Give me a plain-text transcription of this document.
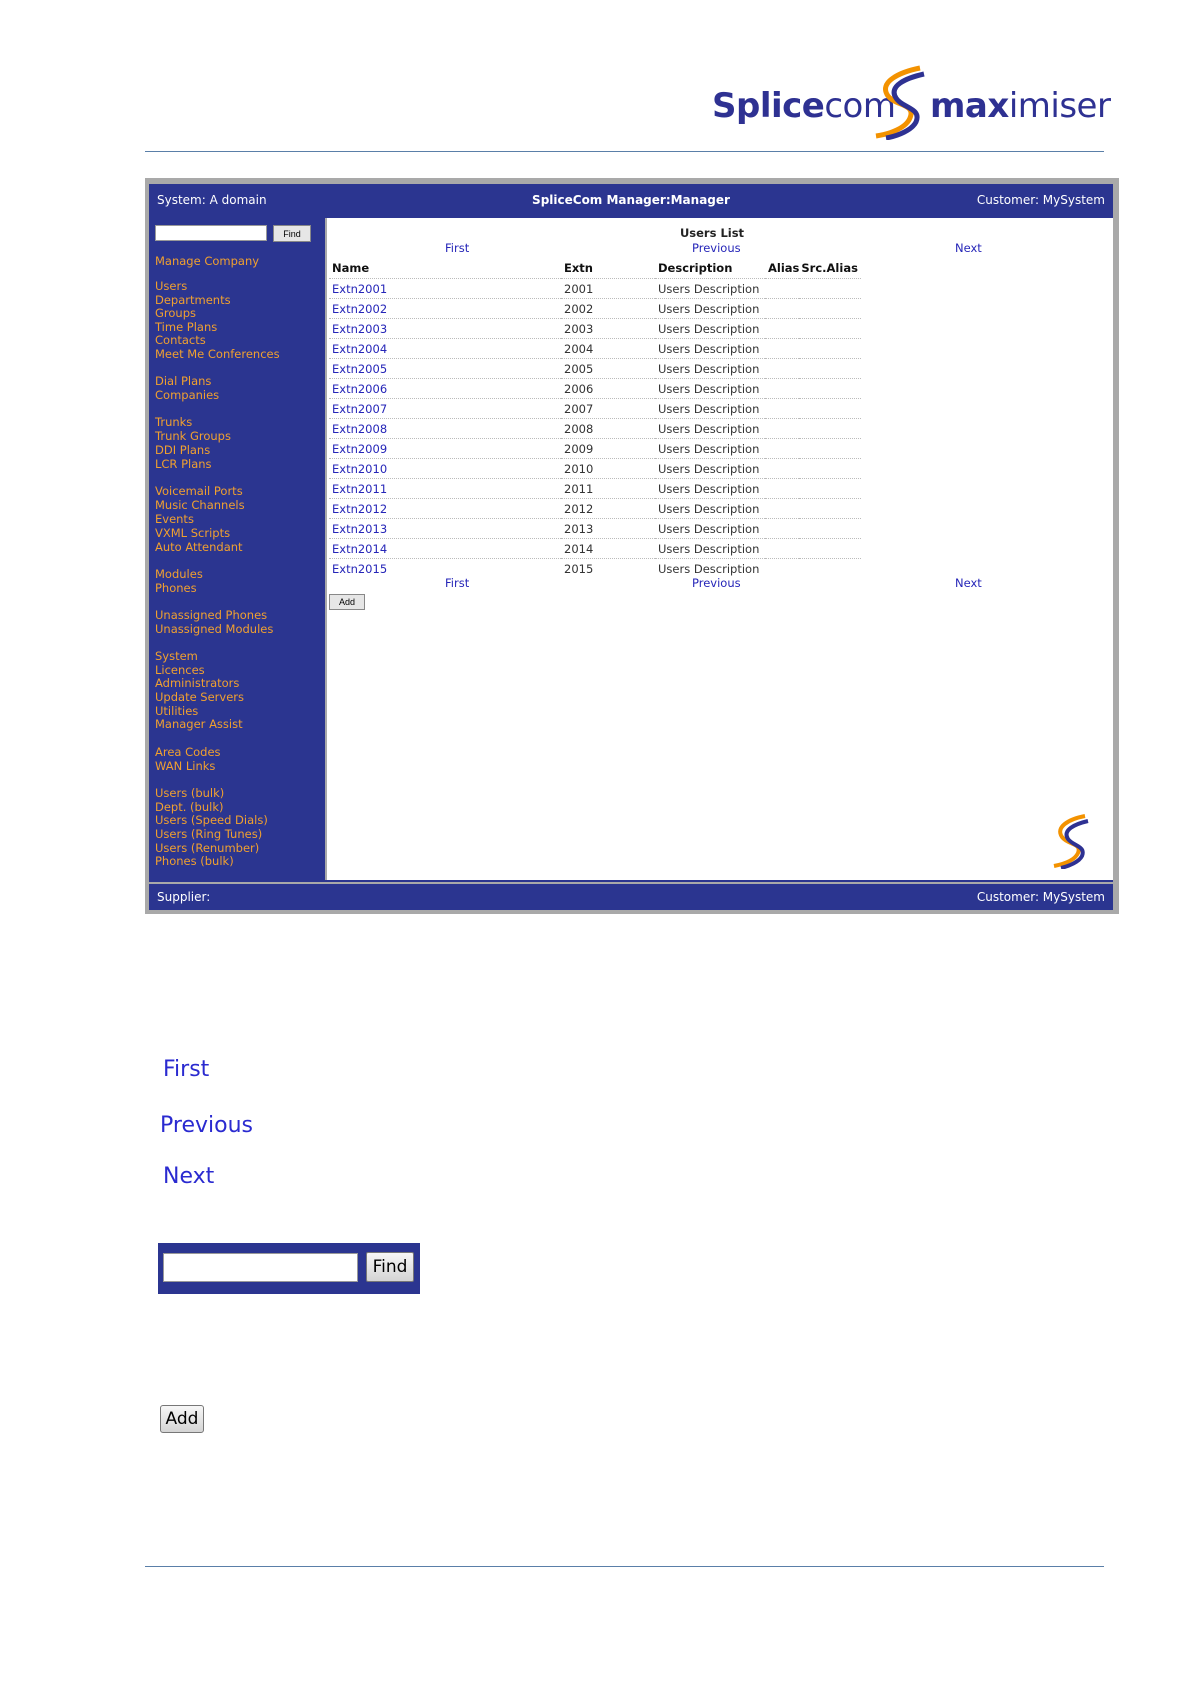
Splicecom maximiser
System: A domain	SpliceCom Manager:Manager	Customer: MySystem
Find
Manage Company
Users
Departments
Groups
Time Plans
Contacts
Meet Me Conferences
Dial Plans
Companies
Trunks
Trunk Groups
DDI Plans
LCR Plans
Voicemail Ports
Music Channels
Events
VXML Scripts
Auto Attendant
Modules
Phones
Unassigned Phones
Unassigned Modules
System
Licences
Administrators
Update Servers
Utilities
Manager Assist
Area Codes
WAN Links
Users (bulk)
Dept. (bulk)
Users (Speed Dials)
Users (Ring Tunes)
Users (Renumber)
Phones (bulk)
Users List
First	Previous	Next
Name	Extn	Description	Alias	Src.Alias
Extn2001	2001	Users Description		
Extn2002	2002	Users Description		
Extn2003	2003	Users Description		
Extn2004	2004	Users Description		
Extn2005	2005	Users Description		
Extn2006	2006	Users Description		
Extn2007	2007	Users Description		
Extn2008	2008	Users Description		
Extn2009	2009	Users Description		
Extn2010	2010	Users Description		
Extn2011	2011	Users Description		
Extn2012	2012	Users Description		
Extn2013	2013	Users Description		
Extn2014	2014	Users Description		
Extn2015	2015	Users Description		
First	Previous	Next
Add
Supplier:	Customer: MySystem
First
Previous
Next
Find
Add
